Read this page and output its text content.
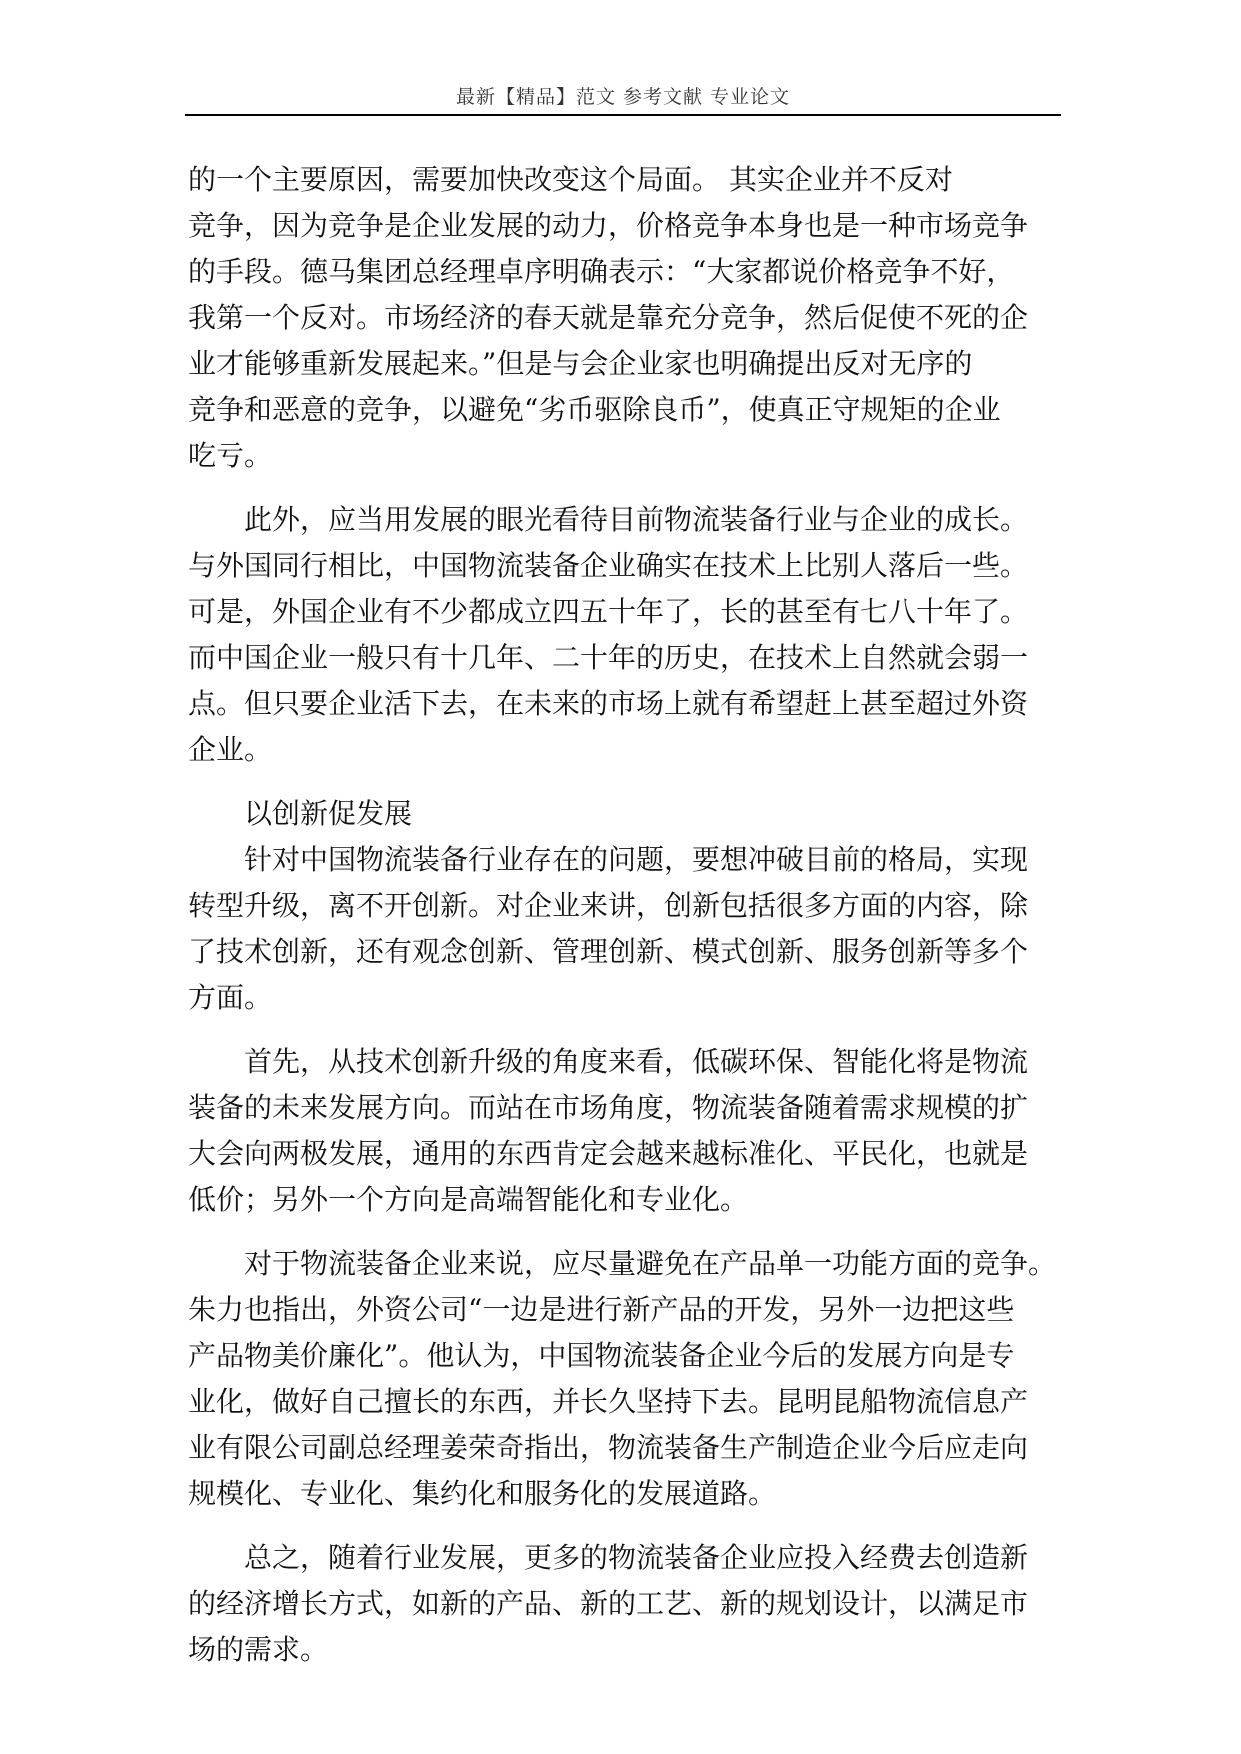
最新【精品】范文 参考文献 专业论文
的一个主要原因，需要加快改变这个局面。 其实企业并不反对
竞争，因为竞争是企业发展的动力，价格竞争本身也是一种市场竞争
的手段。德马集团总经理卓序明确表示：“大家都说价格竞争不好，
我第一个反对。市场经济的春天就是靠充分竞争，然后促使不死的企
业才能够重新发展起来。”但是与会企业家也明确提出反对无序的
竞争和恶意的竞争，以避免“劣币驱除良币”，使真正守规矩的企业
吃亏。
此外，应当用发展的眼光看待目前物流装备行业与企业的成长。
与外国同行相比，中国物流装备企业确实在技术上比别人落后一些。
可是，外国企业有不少都成立四五十年了，长的甚至有七八十年了。
而中国企业一般只有十几年、二十年的历史，在技术上自然就会弱一
点。但只要企业活下去，在未来的市场上就有希望赶上甚至超过外资
企业。
以创新促发展
针对中国物流装备行业存在的问题，要想冲破目前的格局，实现
转型升级，离不开创新。对企业来讲，创新包括很多方面的内容，除
了技术创新，还有观念创新、管理创新、模式创新、服务创新等多个
方面。
首先，从技术创新升级的角度来看，低碳环保、智能化将是物流
装备的未来发展方向。而站在市场角度，物流装备随着需求规模的扩
大会向两极发展，通用的东西肯定会越来越标准化、平民化，也就是
低价；另外一个方向是高端智能化和专业化。
对于物流装备企业来说，应尽量避免在产品单一功能方面的竞争。
朱力也指出，外资公司“一边是进行新产品的开发，另外一边把这些
产品物美价廉化”。他认为，中国物流装备企业今后的发展方向是专
业化，做好自己擅长的东西，并长久坚持下去。昆明昆船物流信息产
业有限公司副总经理姜荣奇指出，物流装备生产制造企业今后应走向
规模化、专业化、集约化和服务化的发展道路。
总之，随着行业发展，更多的物流装备企业应投入经费去创造新
的经济增长方式，如新的产品、新的工艺、新的规划设计，以满足市
场的需求。
